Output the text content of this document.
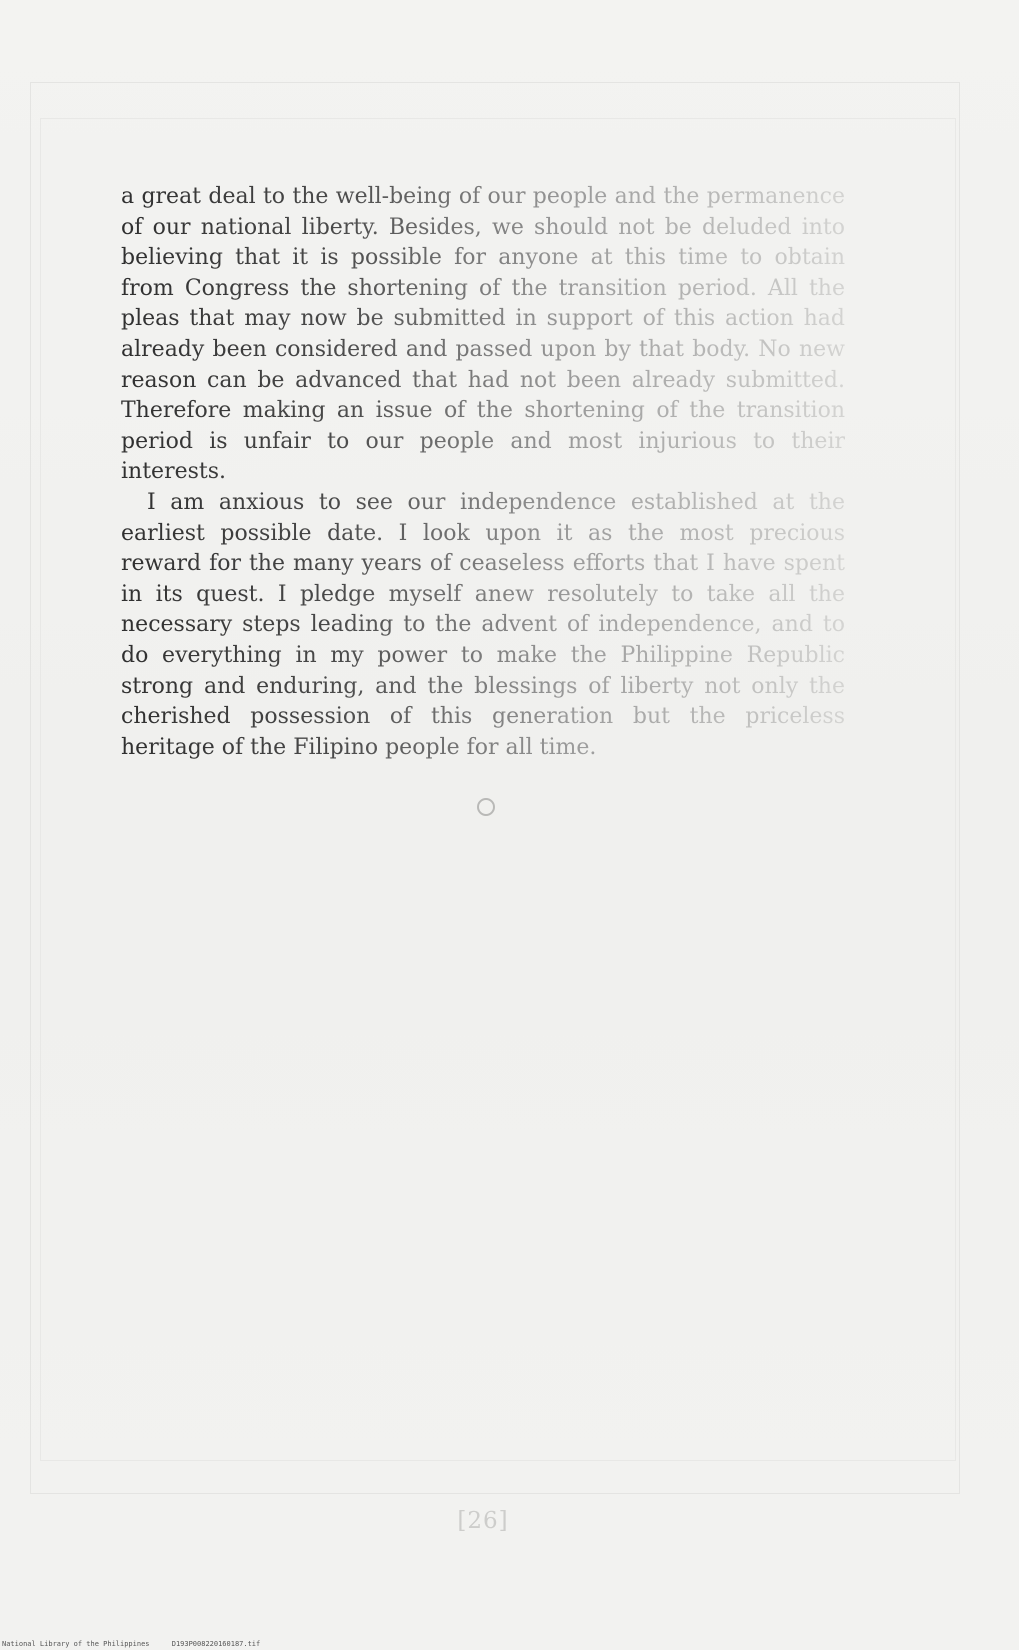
a great deal to the well-being of our people and the permanence of our national liberty. Besides, we should not be deluded into believing that it is possible for anyone at this time to obtain from Congress the shortening of the transition period. All the pleas that may now be submitted in support of this action had already been considered and passed upon by that body. No new reason can be advanced that had not been already submitted. Therefore making an issue of the shortening of the transition period is unfair to our people and most injurious to their interests.

I am anxious to see our independence established at the earliest possible date. I look upon it as the most precious reward for the many years of ceaseless efforts that I have spent in its quest. I pledge myself anew resolutely to take all the necessary steps leading to the advent of independence, and to do everything in my power to make the Philippine Republic strong and enduring, and the blessings of liberty not only the cherished possession of this generation but the priceless heritage of the Filipino people for all time.

[26]
National Library of the Philippines	D193P008220160187.tif
